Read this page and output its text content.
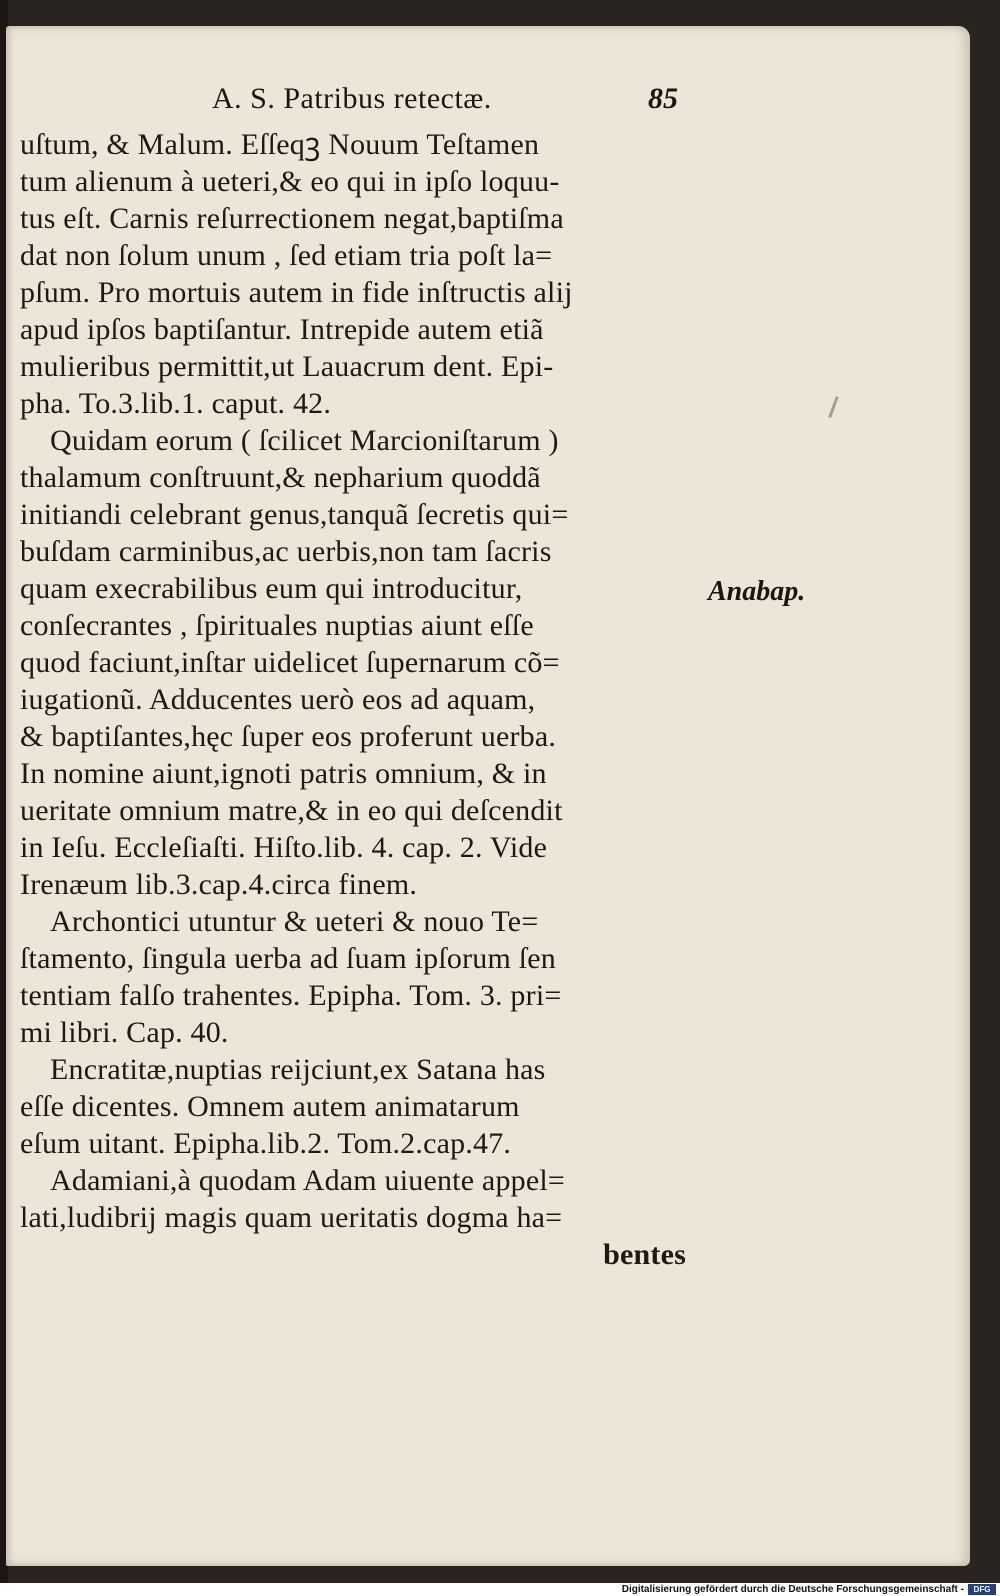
A. S. Patribus retectæ.	85
uſtum, & Malum. Eſſeqꝫ Nouum Teſtamen
tum alienum à ueteri,& eo qui in ipſo loquu-
tus eſt. Carnis reſurrectionem negat,baptiſma
dat non ſolum unum , ſed etiam tria poſt la=
pſum. Pro mortuis autem in fide inſtructis alij
apud ipſos baptiſantur. Intrepide autem etiã
mulieribus permittit,ut Lauacrum dent. Epi-
pha. To.3.lib.1. caput. 42.
Quidam eorum ( ſcilicet Marcioniſtarum )
thalamum conſtruunt,& nepharium quoddã
initiandi celebrant genus,tanquã ſecretis qui=
buſdam carminibus,ac uerbis,non tam ſacris
quam execrabilibus eum qui introducitur,
conſecrantes , ſpirituales nuptias aiunt eſſe
quod faciunt,inſtar uidelicet ſupernarum cõ=
iugationũ. Adducentes uerò eos ad aquam,
& baptiſantes,hęc ſuper eos proferunt uerba.
In nomine aiunt,ignoti patris omnium, & in
ueritate omnium matre,& in eo qui deſcendit
in Ieſu. Eccleſiaſti. Hiſto.lib. 4. cap. 2. Vide
Irenæum lib.3.cap.4.circa finem.
Archontici utuntur & ueteri & nouo Te=
ſtamento, ſingula uerba ad ſuam ipſorum ſen
tentiam falſo trahentes. Epipha. Tom. 3. pri=
mi libri. Cap. 40.
Encratitæ,nuptias reijciunt,ex Satana has
eſſe dicentes. Omnem autem animatarum
eſum uitant. Epipha.lib.2. Tom.2.cap.47.
Adamiani,à quodam Adam uiuente appel=
lati,ludibrij magis quam ueritatis dogma ha=
bentes
Anabap.
Digitalisierung gefördert durch die Deutsche Forschungsgemeinschaft -	DFG
